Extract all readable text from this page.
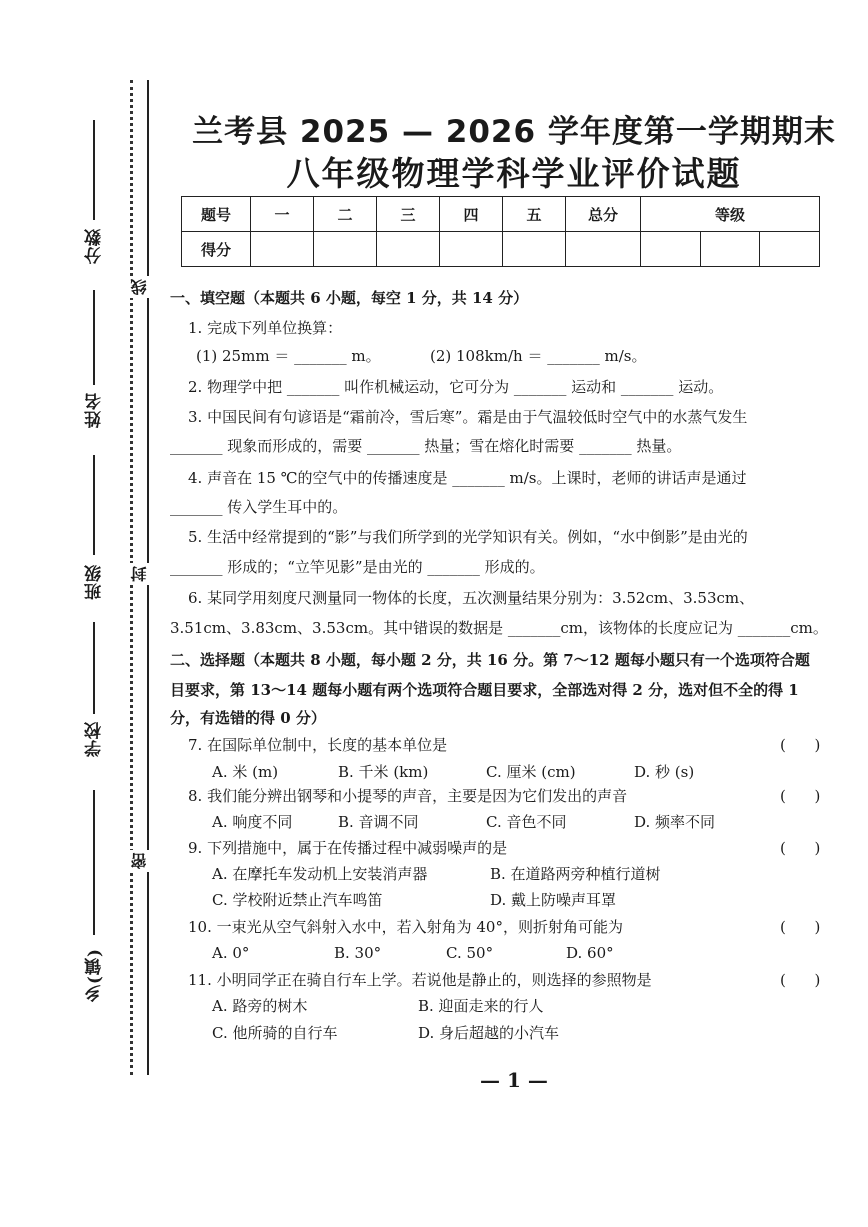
分数
姓名
班级
学校
乡(镇)
线
封
密
兰考县 2025 — 2026 学年度第一学期期末
八年级物理学科学业评价试题
题号	一	二	三	四	五	总分	等级		
得分									
一、填空题（本题共 6 小题，每空 1 分，共 14 分）
1. 完成下列单位换算：
(1) 25mm ＝ _______ m。	(2) 108km/h ＝ _______ m/s。
2. 物理学中把 _______ 叫作机械运动，它可分为 _______ 运动和 _______ 运动。
3. 中国民间有句谚语是“霜前冷，雪后寒”。霜是由于气温较低时空气中的水蒸气发生
_______ 现象而形成的，需要 _______ 热量；雪在熔化时需要 _______ 热量。
4. 声音在 15 ℃的空气中的传播速度是 _______ m/s。上课时，老师的讲话声是通过
_______ 传入学生耳中的。
5. 生活中经常提到的“影”与我们所学到的光学知识有关。例如，“水中倒影”是由光的
_______ 形成的；“立竿见影”是由光的 _______ 形成的。
6. 某同学用刻度尺测量同一物体的长度，五次测量结果分别为：3.52cm、3.53cm、
3.51cm、3.83cm、3.53cm。其中错误的数据是 _______cm，该物体的长度应记为 _______cm。
二、选择题（本题共 8 小题，每小题 2 分，共 16 分。第 7～12 题每小题只有一个选项符合题
目要求，第 13～14 题每小题有两个选项符合题目要求，全部选对得 2 分，选对但不全的得 1
分，有选错的得 0 分）
7. 在国际单位制中，长度的基本单位是	(      )
A. 米 (m)	B. 千米 (km)	C. 厘米 (cm)	D. 秒 (s)
8. 我们能分辨出钢琴和小提琴的声音，主要是因为它们发出的声音	(      )
A. 响度不同	B. 音调不同	C. 音色不同	D. 频率不同
9. 下列措施中，属于在传播过程中减弱噪声的是	(      )
A. 在摩托车发动机上安装消声器	B. 在道路两旁种植行道树
C. 学校附近禁止汽车鸣笛	D. 戴上防噪声耳罩
10. 一束光从空气斜射入水中，若入射角为 40°，则折射角可能为	(      )
A. 0°	B. 30°	C. 50°	D. 60°
11. 小明同学正在骑自行车上学。若说他是静止的，则选择的参照物是	(      )
A. 路旁的树木	B. 迎面走来的行人
C. 他所骑的自行车	D. 身后超越的小汽车
— 1 —
